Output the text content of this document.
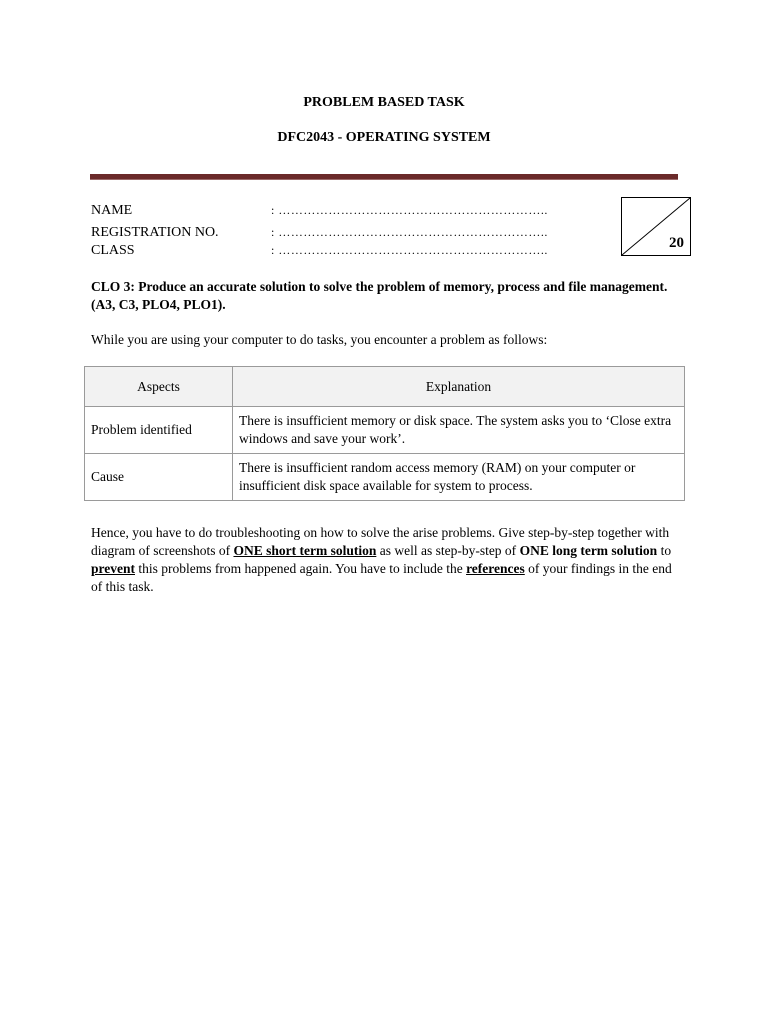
PROBLEM BASED TASK
DFC2043 - OPERATING SYSTEM
NAME	: ………………………………………………………..
REGISTRATION NO.	: ………………………………………………………..
CLASS	: ………………………………………………………..	20
CLO 3: Produce an accurate solution to solve the problem of memory, process and file management. (A3, C3, PLO4, PLO1).
While you are using your computer to do tasks, you encounter a problem as follows:
Aspects	Explanation
Problem identified	There is insufficient memory or disk space. The system asks you to ‘Close extra windows and save your work’.
Cause	There is insufficient random access memory (RAM) on your computer or insufficient disk space available for system to process.
Hence, you have to do troubleshooting on how to solve the arise problems. Give step-by-step together with diagram of screenshots of ONE short term solution as well as step-by-step of ONE long term solution to prevent this problems from happened again. You have to include the references of your findings in the end of this task.
